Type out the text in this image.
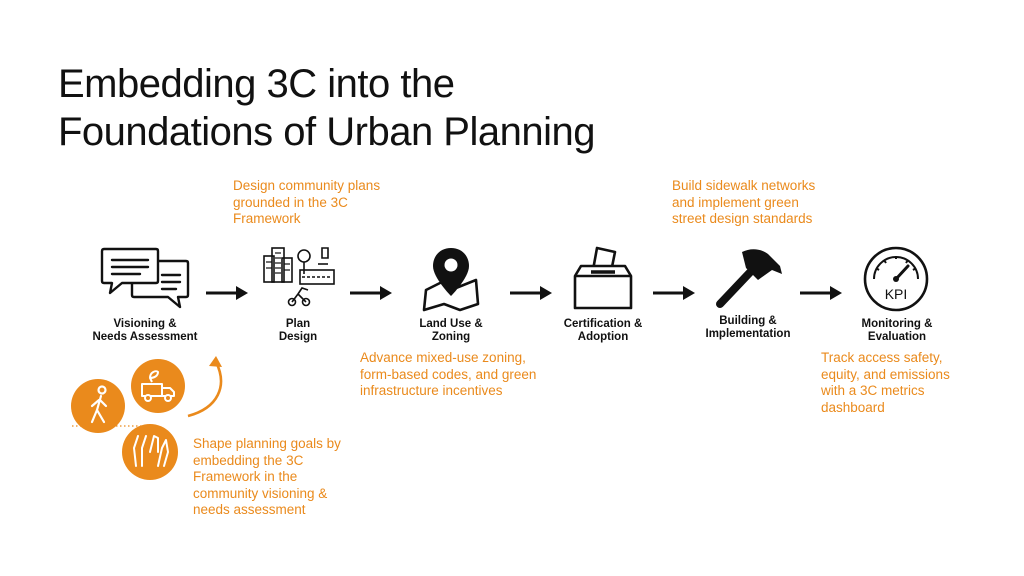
Embedding 3C into the
Foundations of Urban Planning

Design community plans
grounded in the 3C
Framework

Build sidewalk networks
and implement green
street design standards

Visioning &
Needs Assessment
Plan
Design
Land Use &
Zoning
Certification &
Adoption
Building &
Implementation
KPI
Monitoring &
Evaluation

Advance mixed-use zoning,
form-based codes, and green
infrastructure incentives

Track access safety,
equity, and emissions
with a 3C metrics
dashboard

Shape planning goals by
embedding the 3C
Framework in the
community visioning &
needs assessment
